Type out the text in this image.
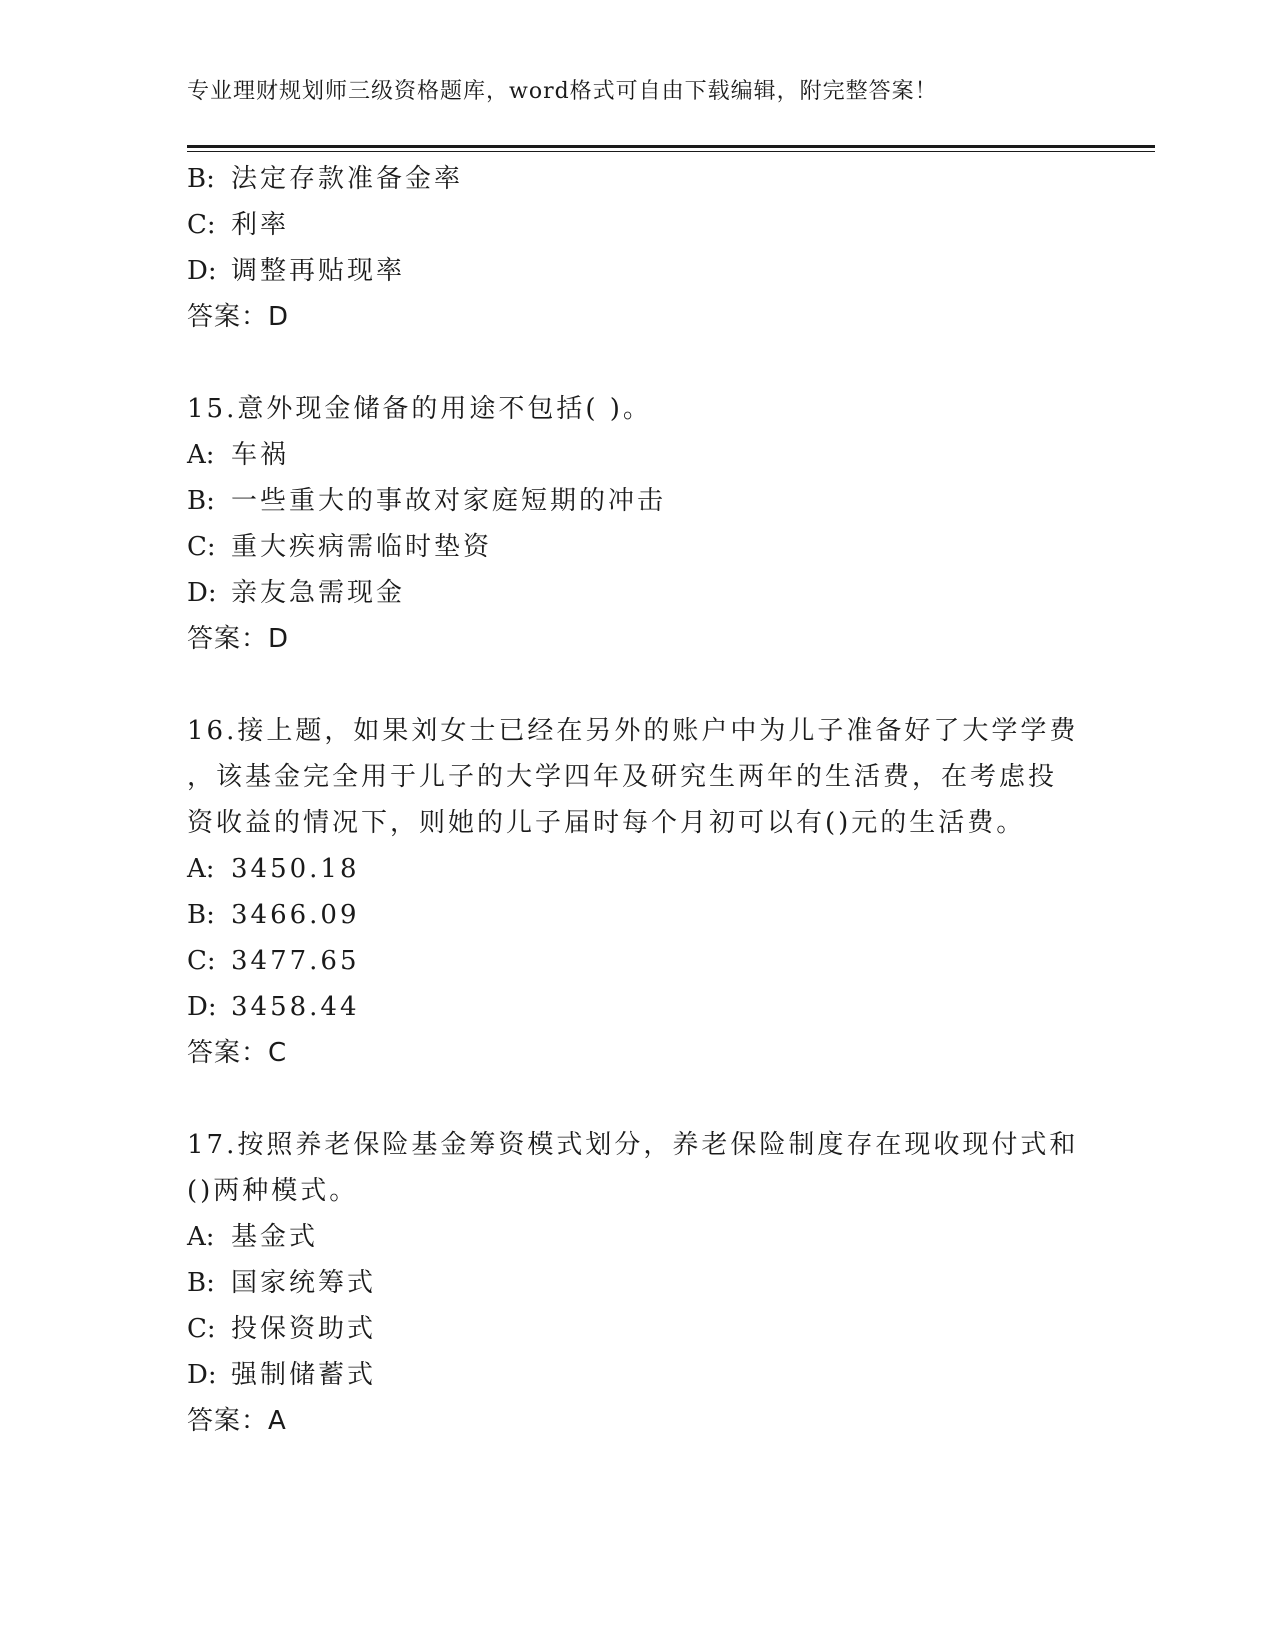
专业理财规划师三级资格题库，word格式可自由下载编辑，附完整答案！
B: 法定存款准备金率
C: 利率
D: 调整再贴现率
答案：D
15.意外现金储备的用途不包括( )。
A: 车祸
B: 一些重大的事故对家庭短期的冲击
C: 重大疾病需临时垫资
D: 亲友急需现金
答案：D
16.接上题，如果刘女士已经在另外的账户中为儿子准备好了大学学费
，该基金完全用于儿子的大学四年及研究生两年的生活费，在考虑投
资收益的情况下，则她的儿子届时每个月初可以有()元的生活费。
A: 3450.18
B: 3466.09
C: 3477.65
D: 3458.44
答案：C
17.按照养老保险基金筹资模式划分，养老保险制度存在现收现付式和
()两种模式。
A: 基金式
B: 国家统筹式
C: 投保资助式
D: 强制储蓄式
答案：A
